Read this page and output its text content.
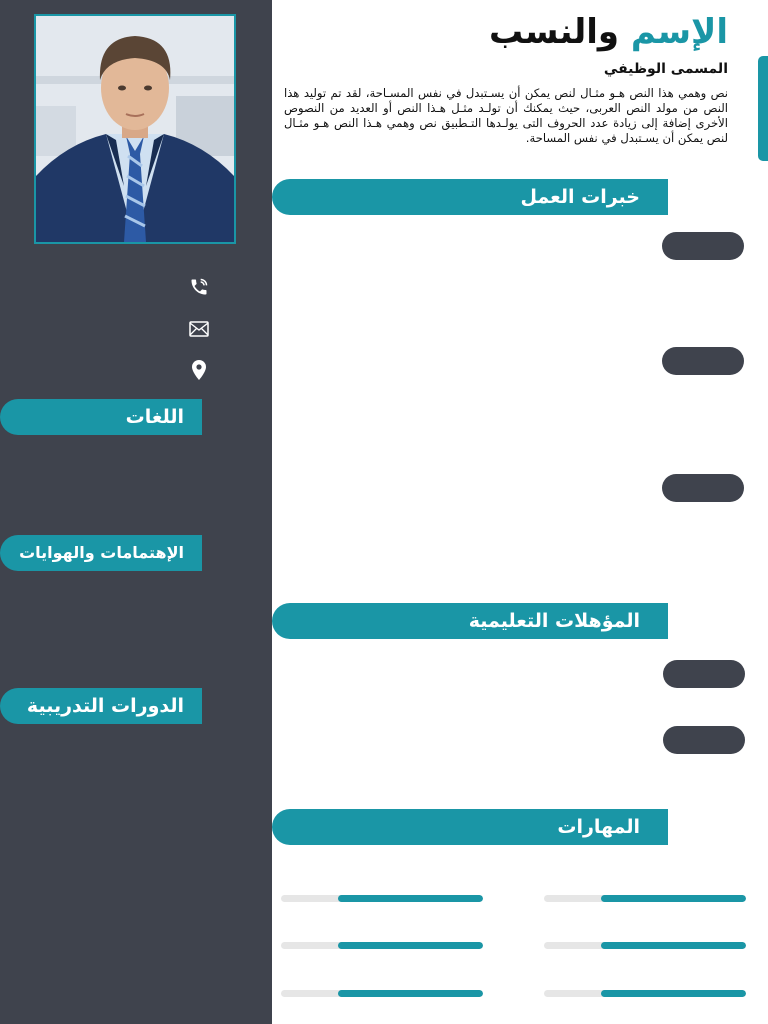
اللغات
الإهتمامات والهوايات
الدورات التدريبية
الإسم والنسب
المسمى الوظيفي

نص وهمي هذا النص هـو مثـال لنص يمكن أن يسـتبدل في نفس المسـاحة، لقد تم توليد هذا النص من مولد النص العربى، حيث يمكنك أن تولـد مثـل هـذا النص أو العديد من النصوص الأخرى إضافة إلى زيادة عدد الحروف التى يولـدها التـطبيق نص وهمي هـذا النص هـو مثـال لنص يمكن أن يسـتبدل في نفس المساحة.

خبرات العمل
المؤهلات التعليمية
المهارات
